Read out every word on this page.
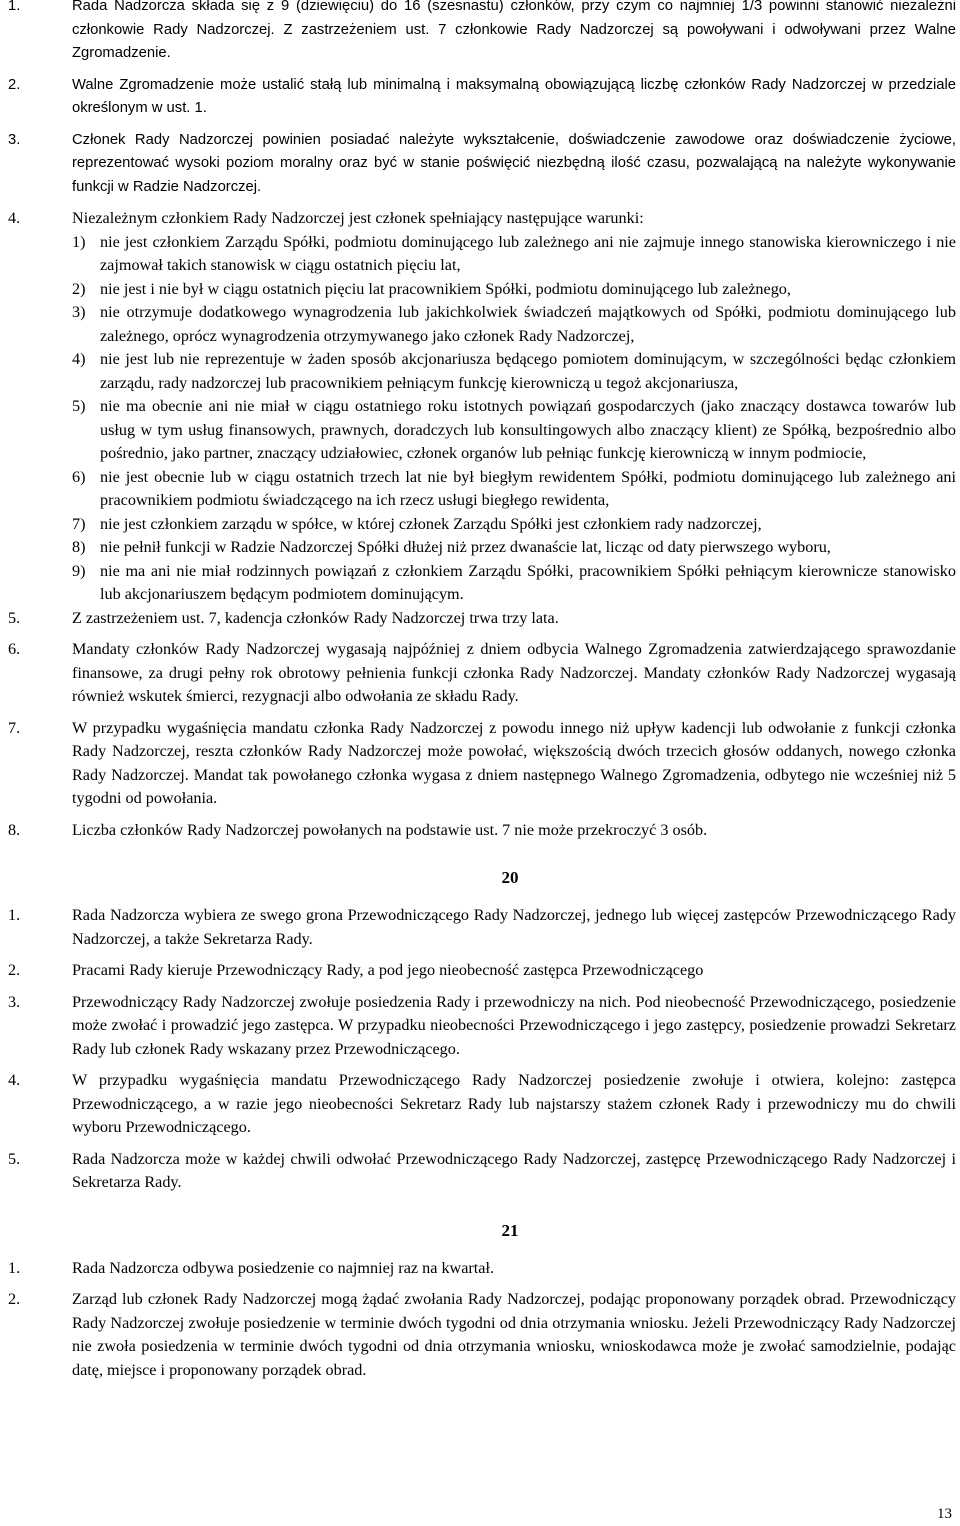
1.	Rada Nadzorcza składa się z 9 (dziewięciu) do 16 (szesnastu) członków, przy czym co najmniej 1/3 powinni stanowić niezależni członkowie Rady Nadzorczej. Z zastrzeżeniem ust. 7 członkowie Rady Nadzorczej są powoływani i odwoływani przez Walne Zgromadzenie.
2.	Walne Zgromadzenie może ustalić stałą lub minimalną i maksymalną obowiązującą liczbę członków Rady Nadzorczej w przedziale określonym w ust. 1.
3.	Członek Rady Nadzorczej powinien posiadać należyte wykształcenie, doświadczenie zawodowe oraz doświadczenie życiowe, reprezentować wysoki poziom moralny oraz być w stanie poświęcić niezbędną ilość czasu, pozwalającą na należyte wykonywanie funkcji w Radzie Nadzorczej.
4.	Niezależnym członkiem Rady Nadzorczej jest członek spełniający następujące warunki:
1) nie jest członkiem Zarządu Spółki, podmiotu dominującego lub zależnego ani nie zajmuje innego stanowiska kierowniczego i nie zajmował takich stanowisk w ciągu ostatnich pięciu lat,
2) nie jest i nie był w ciągu ostatnich pięciu lat pracownikiem Spółki, podmiotu dominującego lub zależnego,
3) nie otrzymuje dodatkowego wynagrodzenia lub jakichkolwiek świadczeń majątkowych od Spółki, podmiotu dominującego lub zależnego, oprócz wynagrodzenia otrzymywanego jako członek Rady Nadzorczej,
4) nie jest lub nie reprezentuje w żaden sposób akcjonariusza będącego pomiotem dominującym, w szczególności będąc członkiem zarządu, rady nadzorczej lub pracownikiem pełniącym funkcję kierowniczą u tegoż akcjonariusza,
5) nie ma obecnie ani nie miał w ciągu ostatniego roku istotnych powiązań gospodarczych (jako znaczący dostawca towarów lub usług w tym usług finansowych, prawnych, doradczych lub konsultingowych albo znaczący klient) ze Spółką, bezpośrednio albo pośrednio, jako partner, znaczący udziałowiec, członek organów lub pełniąc funkcję kierowniczą w innym podmiocie,
6) nie jest obecnie lub w ciągu ostatnich trzech lat nie był biegłym rewidentem Spółki, podmiotu dominującego lub zależnego ani pracownikiem podmiotu świadczącego na ich rzecz usługi biegłego rewidenta,
7) nie jest członkiem zarządu w spółce, w której członek Zarządu Spółki jest członkiem rady nadzorczej,
8) nie pełnił funkcji w Radzie Nadzorczej Spółki dłużej niż przez dwanaście lat, licząc od daty pierwszego wyboru,
9) nie ma ani nie miał rodzinnych powiązań z członkiem Zarządu Spółki, pracownikiem Spółki pełniącym kierownicze stanowisko lub akcjonariuszem będącym podmiotem dominującym.
5.	Z zastrzeżeniem ust. 7, kadencja członków Rady Nadzorczej trwa trzy lata.
6.	Mandaty członków Rady Nadzorczej wygasają najpóźniej z dniem odbycia Walnego Zgromadzenia zatwierdzającego sprawozdanie finansowe, za drugi pełny rok obrotowy pełnienia funkcji członka Rady Nadzorczej. Mandaty członków Rady Nadzorczej wygasają również wskutek śmierci, rezygnacji albo odwołania ze składu Rady.
7.	W przypadku wygaśnięcia mandatu członka Rady Nadzorczej z powodu innego niż upływ kadencji lub odwołanie z funkcji członka Rady Nadzorczej, reszta członków Rady Nadzorczej może powołać, większością dwóch trzecich głosów oddanych, nowego członka Rady Nadzorczej. Mandat tak powołanego członka wygasa z dniem następnego Walnego Zgromadzenia, odbytego nie wcześniej niż 5 tygodni od powołania.
8.	Liczba członków Rady Nadzorczej powołanych na podstawie ust. 7 nie może przekroczyć 3 osób.
20
1.	Rada Nadzorcza wybiera ze swego grona Przewodniczącego Rady Nadzorczej, jednego lub więcej zastępców Przewodniczącego Rady Nadzorczej, a także Sekretarza Rady.
2.	Pracami Rady kieruje Przewodniczący Rady, a pod jego nieobecność zastępca Przewodniczącego
3.	Przewodniczący Rady Nadzorczej zwołuje posiedzenia Rady i przewodniczy na nich. Pod nieobecność Przewodniczącego, posiedzenie może zwołać i prowadzić jego zastępca. W przypadku nieobecności Przewodniczącego i jego zastępcy, posiedzenie prowadzi Sekretarz Rady lub członek Rady wskazany przez Przewodniczącego.
4.	W przypadku wygaśnięcia mandatu Przewodniczącego Rady Nadzorczej posiedzenie zwołuje i otwiera, kolejno: zastępca Przewodniczącego, a w razie jego nieobecności Sekretarz Rady lub najstarszy stażem członek Rady i przewodniczy mu do chwili wyboru Przewodniczącego.
5.	Rada Nadzorcza może w każdej chwili odwołać Przewodniczącego Rady Nadzorczej, zastępcę Przewodniczącego Rady Nadzorczej i Sekretarza Rady.
21
1.	Rada Nadzorcza odbywa posiedzenie co najmniej raz na kwartał.
2.	Zarząd lub członek Rady Nadzorczej mogą żądać zwołania Rady Nadzorczej, podając proponowany porządek obrad. Przewodniczący Rady Nadzorczej zwołuje posiedzenie w terminie dwóch tygodni od dnia otrzymania wniosku. Jeżeli Przewodniczący Rady Nadzorczej nie zwoła posiedzenia w terminie dwóch tygodni od dnia otrzymania wniosku, wnioskodawca może je zwołać samodzielnie, podając datę, miejsce i proponowany porządek obrad.
13
